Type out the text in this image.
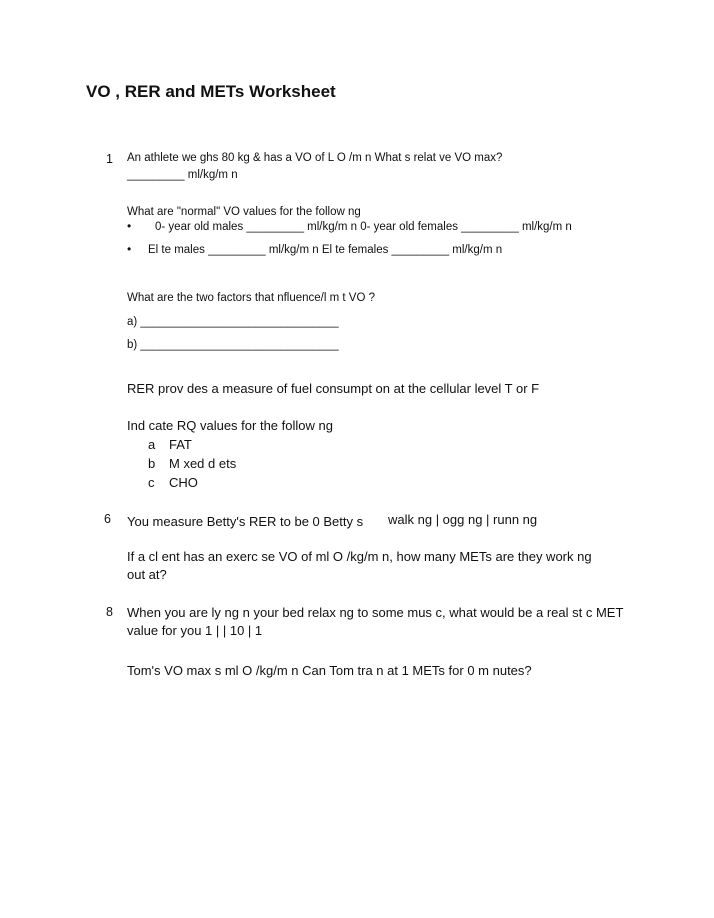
VO , RER and METs Worksheet
1 An athlete we ghs 80 kg & has a VO of L O /m n What s relat ve VO max?
_________ ml/kg/m n
What are "normal" VO values for the follow ng
• 0- year old males _________ ml/kg/m n 0- year old females _________ ml/kg/m n
• El te males _________ ml/kg/m n El te females _________ ml/kg/m n
What are the two factors that nfluence/l m t VO ?
a) _______________________________
b) _______________________________
RER prov des a measure of fuel consumpt on at the cellular level T or F
Ind cate RQ values for the follow ng
a FAT
b M xed d ets
c CHO
6 You measure Betty's RER to be 0 Betty s walk ng | ogg ng | runn ng
If a cl ent has an exerc se VO of ml O /kg/m n, how many METs are they work ng
out at?
8 When you are ly ng n your bed relax ng to some mus c, what would be a real st c MET
value for you 1 | | 10 | 1
Tom's VO max s ml O /kg/m n Can Tom tra n at 1 METs for 0 m nutes?
